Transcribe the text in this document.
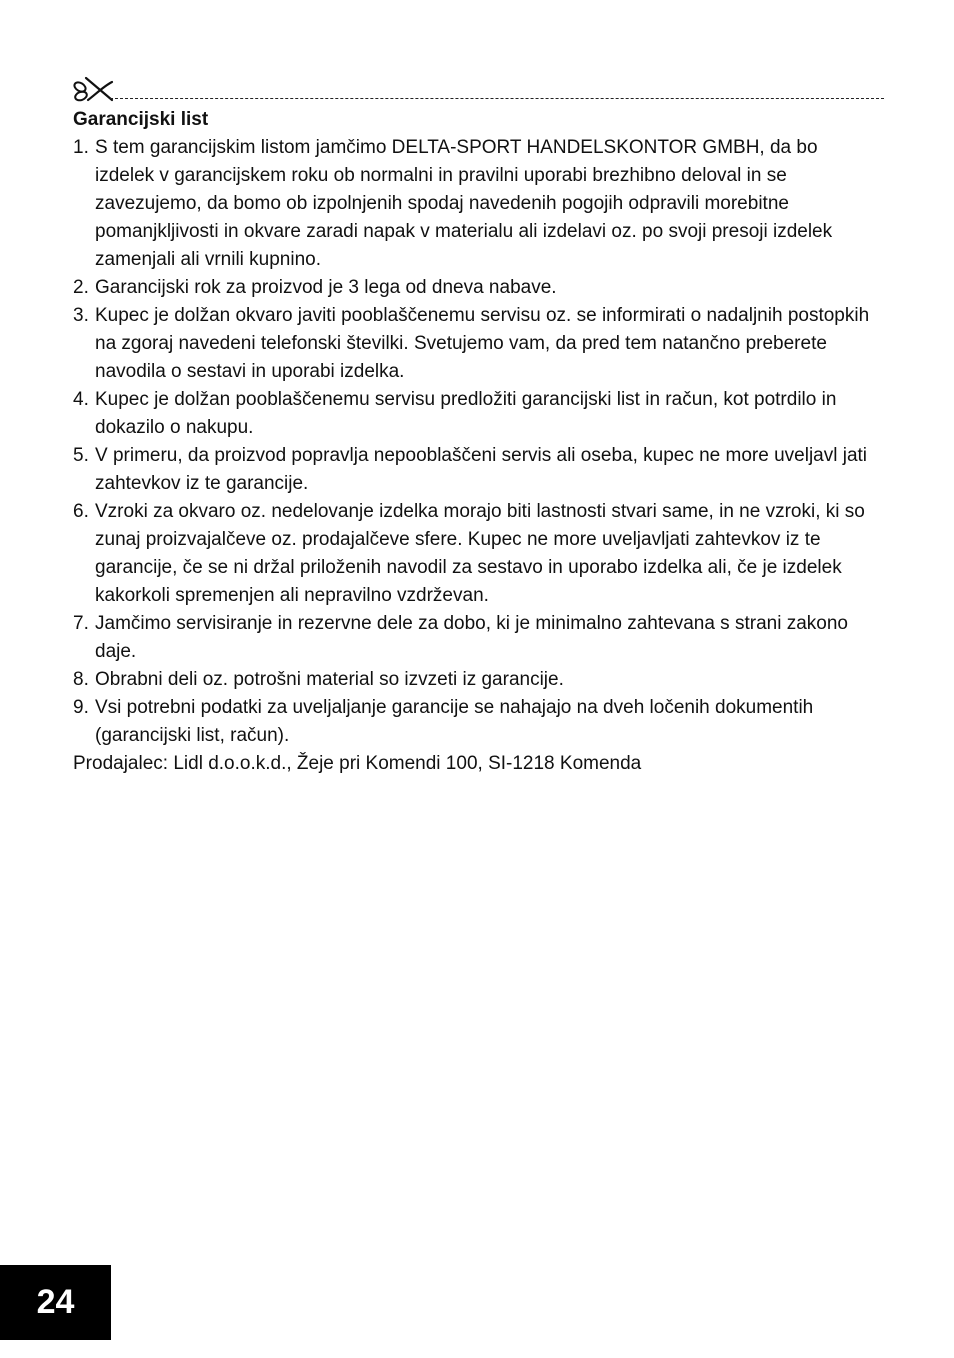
Garancijski list

1. S tem garancijskim listom jamčimo DELTA-SPORT HANDELSKONTOR GMBH, da bo izdelek v garancijskem roku ob normalni in pravilni uporabi brezhibno deloval in se zavezujemo, da bomo ob izpolnjenih spodaj navedenih pogojih odpravili morebitne pomanjkljivosti in okvare zaradi napak v materialu ali izdelavi oz. po svoji presoji izdelek zamenjali ali vrnili kupnino.
2. Garancijski rok za proizvod je 3 lega od dneva nabave.
3. Kupec je dolžan okvaro javiti pooblaščenemu servisu oz. se informirati o nadaljnih postopkih na zgoraj navedeni telefonski številki. Svetujemo vam, da pred tem natančno preberete navodila o sestavi in uporabi izdelka.
4. Kupec je dolžan pooblaščenemu servisu predložiti garancijski list in račun, kot potrdilo in dokazilo o nakupu.
5. V primeru, da proizvod popravlja nepooblaščeni servis ali oseba, kupec ne more uveljavl jati zahtevkov iz te garancije.
6. Vzroki za okvaro oz. nedelovanje izdelka morajo biti lastnosti stvari same, in ne vzroki, ki so zunaj proizvajalčeve oz. prodajalčeve sfere. Kupec ne more uveljavljati zahtevkov iz te garancije, če se ni držal priloženih navodil za sestavo in uporabo izdelka ali, če je izdelek kakorkoli spremenjen ali nepravilno vzdrževan.
7. Jamčimo servisiranje in rezervne dele za dobo, ki je minimalno zahtevana s strani zakono daje.
8. Obrabni deli oz. potrošni material so izvzeti iz garancije.
9. Vsi potrebni podatki za uveljaljanje garancije se nahajajo na dveh ločenih dokumentih (garancijski list, račun).

Prodajalec: Lidl d.o.o.k.d., Žeje pri Komendi 100, SI-1218 Komenda

24
